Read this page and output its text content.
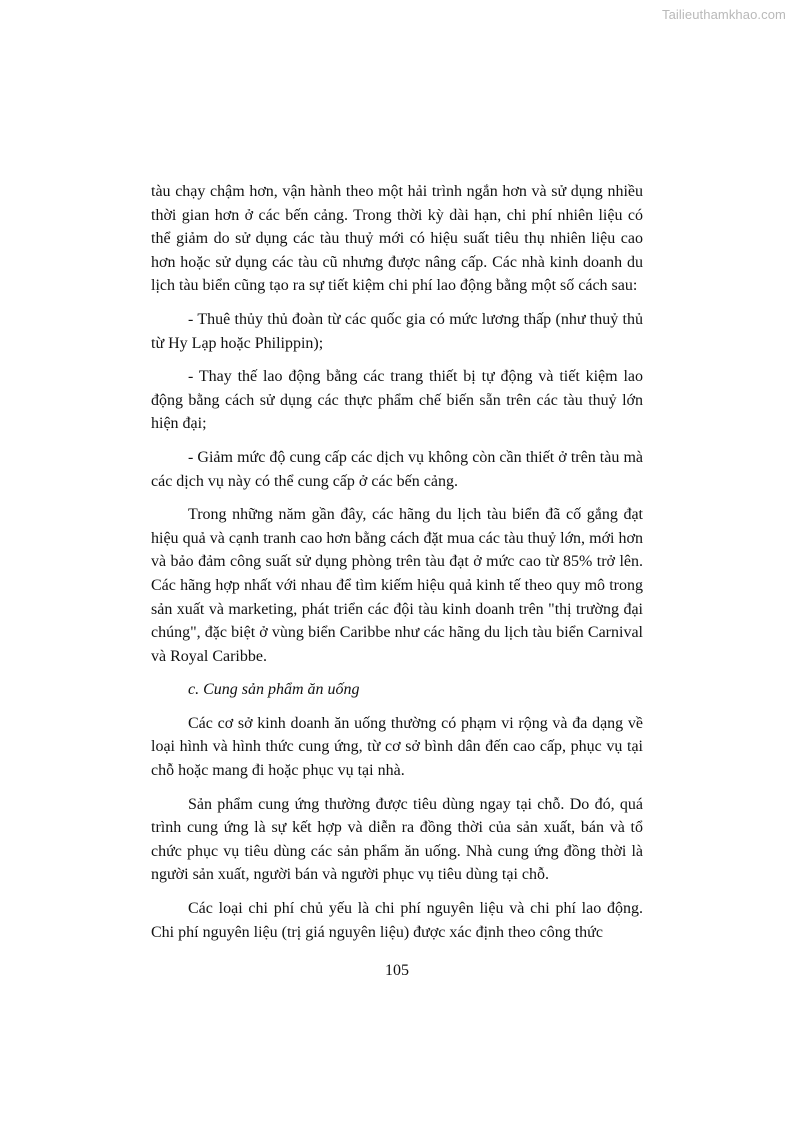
Tailieuthamkhao.com

tàu chạy chậm hơn, vận hành theo một hải trình ngắn hơn và sử dụng nhiều thời gian hơn ở các bến cảng. Trong thời kỳ dài hạn, chi phí nhiên liệu có thể giảm do sử dụng các tàu thuỷ mới có hiệu suất tiêu thụ nhiên liệu cao hơn hoặc sử dụng các tàu cũ nhưng được nâng cấp. Các nhà kinh doanh du lịch tàu biển cũng tạo ra sự tiết kiệm chi phí lao động bằng một số cách sau:

- Thuê thủy thủ đoàn từ các quốc gia có mức lương thấp (như thuỷ thủ từ Hy Lạp hoặc Philippin);

- Thay thế lao động bằng các trang thiết bị tự động và tiết kiệm lao động bằng cách sử dụng các thực phẩm chế biến sẵn trên các tàu thuỷ lớn hiện đại;

- Giảm mức độ cung cấp các dịch vụ không còn cần thiết ở trên tàu mà các dịch vụ này có thể cung cấp ở các bến cảng.

Trong những năm gần đây, các hãng du lịch tàu biển đã cố gắng đạt hiệu quả và cạnh tranh cao hơn bằng cách đặt mua các tàu thuỷ lớn, mới hơn và bảo đảm công suất sử dụng phòng trên tàu đạt ở mức cao từ 85% trở lên. Các hãng hợp nhất với nhau để tìm kiếm hiệu quả kinh tế theo quy mô trong sản xuất và marketing, phát triển các đội tàu kinh doanh trên "thị trường đại chúng", đặc biệt ở vùng biển Caribbe như các hãng du lịch tàu biển Carnival và Royal Caribbe.

c. Cung sản phẩm ăn uống

Các cơ sở kinh doanh ăn uống thường có phạm vi rộng và đa dạng về loại hình và hình thức cung ứng, từ cơ sở bình dân đến cao cấp, phục vụ tại chỗ hoặc mang đi hoặc phục vụ tại nhà.

Sản phẩm cung ứng thường được tiêu dùng ngay tại chỗ. Do đó, quá trình cung ứng là sự kết hợp và diễn ra đồng thời của sản xuất, bán và tổ chức phục vụ tiêu dùng các sản phẩm ăn uống. Nhà cung ứng đồng thời là người sản xuất, người bán và người phục vụ tiêu dùng tại chỗ.

Các loại chi phí chủ yếu là chi phí nguyên liệu và chi phí lao động. Chi phí nguyên liệu (trị giá nguyên liệu) được xác định theo công thức

105
